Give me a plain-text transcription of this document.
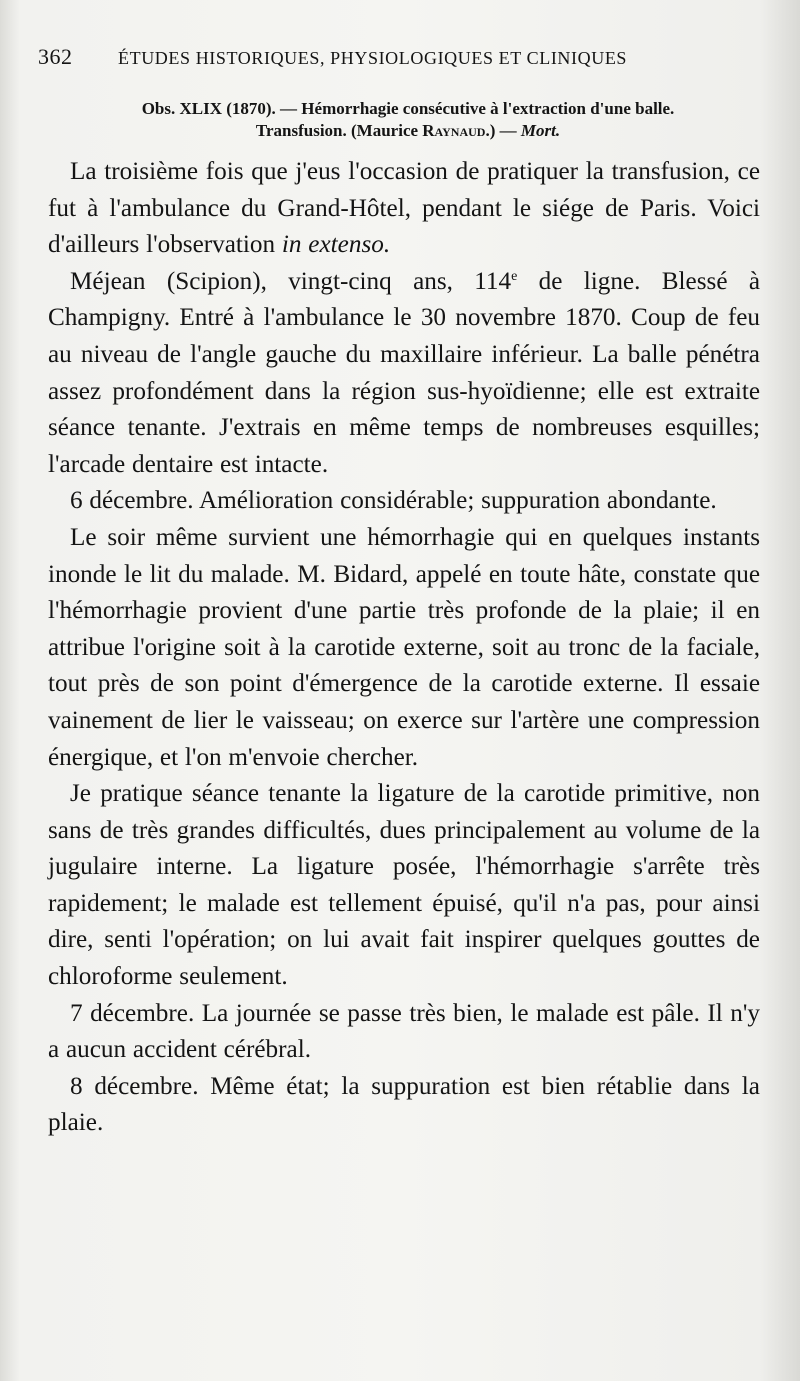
362	ÉTUDES HISTORIQUES, PHYSIOLOGIQUES ET CLINIQUES
Obs. XLIX (1870). — Hémorrhagie consécutive à l'extraction d'une balle.
Transfusion. (Maurice Raynaud.) — Mort.

La troisième fois que j'eus l'occasion de pratiquer la transfusion, ce fut à l'ambulance du Grand-Hôtel, pendant le siége de Paris. Voici d'ailleurs l'observation in extenso.

Méjean (Scipion), vingt-cinq ans, 114e de ligne. Blessé à Champigny. Entré à l'ambulance le 30 novembre 1870. Coup de feu au niveau de l'angle gauche du maxillaire inférieur. La balle pénétra assez profondément dans la région sus-hyoïdienne; elle est extraite séance tenante. J'extrais en même temps de nombreuses esquilles; l'arcade dentaire est intacte.

6 décembre. Amélioration considérable; suppuration abondante.

Le soir même survient une hémorrhagie qui en quelques instants inonde le lit du malade. M. Bidard, appelé en toute hâte, constate que l'hémorrhagie provient d'une partie très profonde de la plaie; il en attribue l'origine soit à la carotide externe, soit au tronc de la faciale, tout près de son point d'émergence de la carotide externe. Il essaie vainement de lier le vaisseau; on exerce sur l'artère une compression énergique, et l'on m'envoie chercher.

Je pratique séance tenante la ligature de la carotide primitive, non sans de très grandes difficultés, dues principalement au volume de la jugulaire interne. La ligature posée, l'hémorrhagie s'arrête très rapidement; le malade est tellement épuisé, qu'il n'a pas, pour ainsi dire, senti l'opération; on lui avait fait inspirer quelques gouttes de chloroforme seulement.

7 décembre. La journée se passe très bien, le malade est pâle. Il n'y a aucun accident cérébral.

8 décembre. Même état; la suppuration est bien rétablie dans la plaie.
